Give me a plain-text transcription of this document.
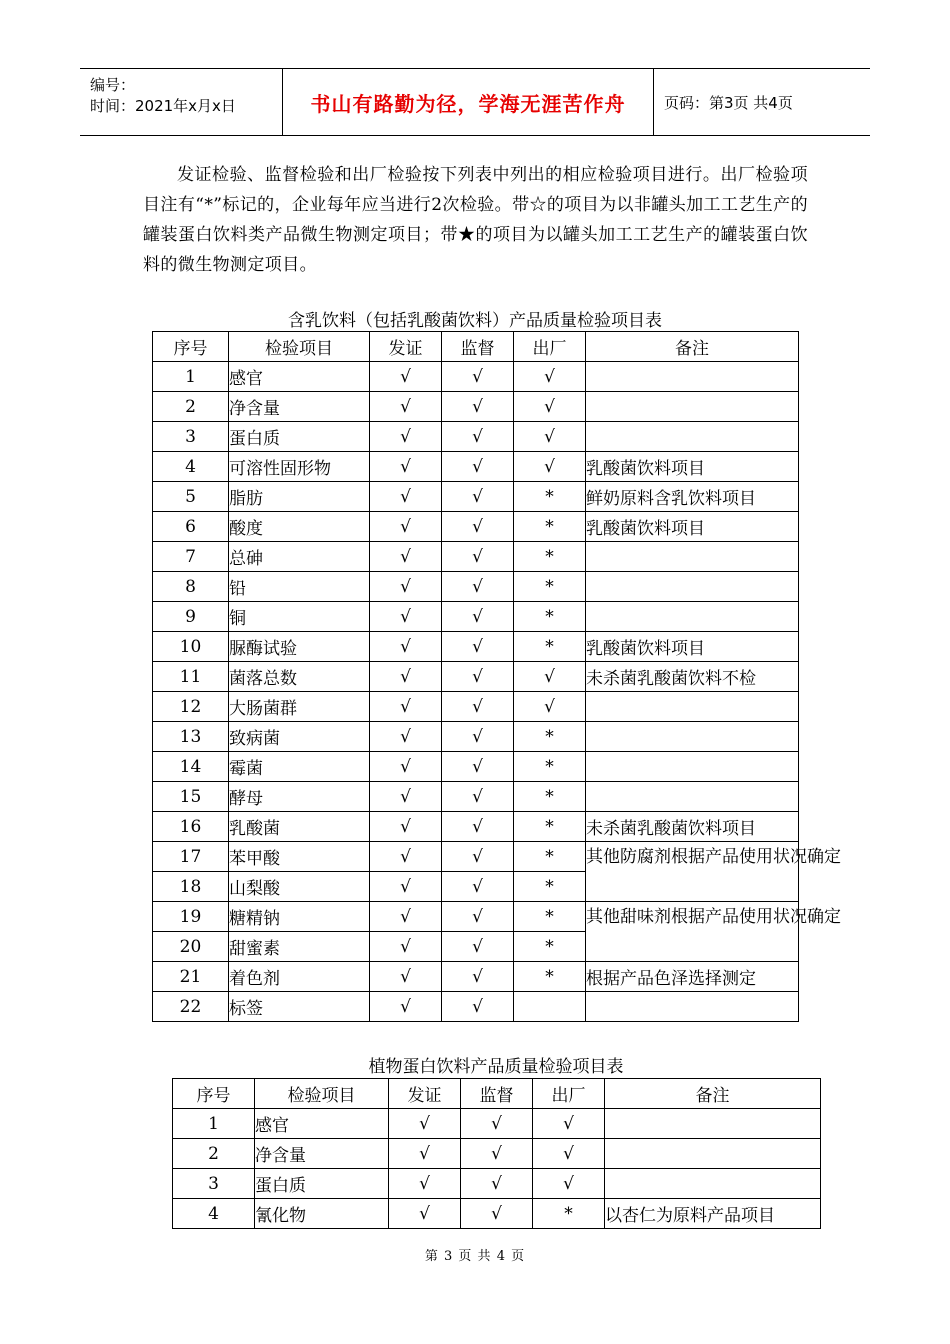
编号：
时间：2021年x月x日	书山有路勤为径，学海无涯苦作舟	页码：第3页 共4页
发证检验、监督检验和出厂检验按下列表中列出的相应检验项目进行。出厂检验项目注有“*”标记的，企业每年应当进行2次检验。带☆的项目为以非罐头加工工艺生产的罐装蛋白饮料类产品微生物测定项目；带★的项目为以罐头加工工艺生产的罐装蛋白饮料的微生物测定项目。
含乳饮料（包括乳酸菌饮料）产品质量检验项目表
序号	检验项目	发证	监督	出厂	备注
1	感官	√	√	√	
2	净含量	√	√	√	
3	蛋白质	√	√	√	
4	可溶性固形物	√	√	√	乳酸菌饮料项目
5	脂肪	√	√	*	鲜奶原料含乳饮料项目
6	酸度	√	√	*	乳酸菌饮料项目
7	总砷	√	√	*	
8	铅	√	√	*	
9	铜	√	√	*	
10	脲酶试验	√	√	*	乳酸菌饮料项目
11	菌落总数	√	√	√	未杀菌乳酸菌饮料不检
12	大肠菌群	√	√	√	
13	致病菌	√	√	*	
14	霉菌	√	√	*	
15	酵母	√	√	*	
16	乳酸菌	√	√	*	未杀菌乳酸菌饮料项目
17	苯甲酸	√	√	*	其他防腐剂根据产品使用状况确定
18	山梨酸	√	√	*	
19	糖精钠	√	√	*	其他甜味剂根据产品使用状况确定
20	甜蜜素	√	√	*	
21	着色剂	√	√	*	根据产品色泽选择测定
22	标签	√	√		
植物蛋白饮料产品质量检验项目表
序号	检验项目	发证	监督	出厂	备注
1	感官	√	√	√	
2	净含量	√	√	√	
3	蛋白质	√	√	√	
4	氰化物	√	√	*	以杏仁为原料产品项目
第 3 页 共 4 页
